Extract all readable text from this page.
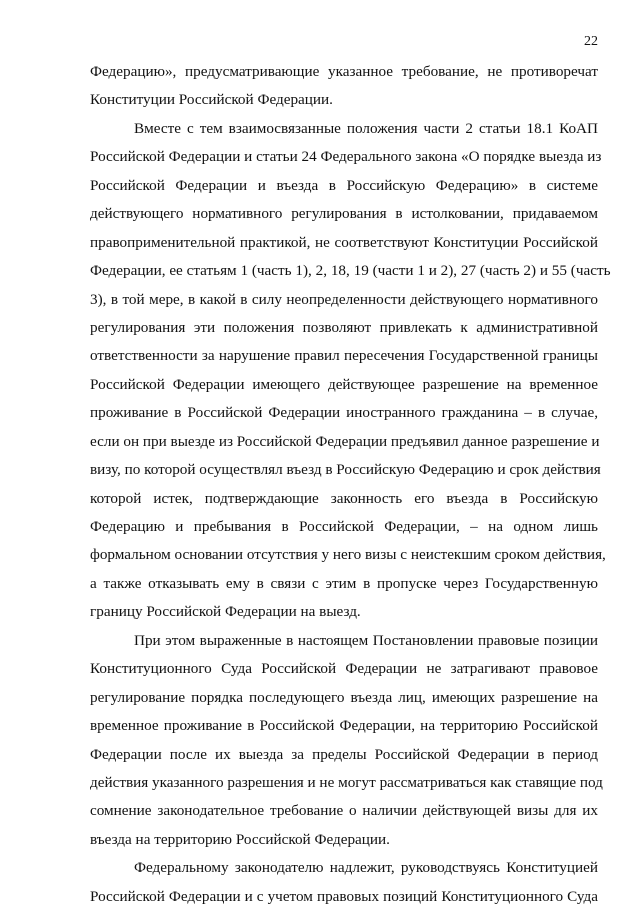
22
Федерацию», предусматривающие указанное требование, не противоречат
Конституции Российской Федерации.
Вместе с тем взаимосвязанные положения части 2 статьи 18.1 КоАП
Российской Федерации и статьи 24 Федерального закона «О порядке выезда из
Российской Федерации и въезда в Российскую Федерацию» в системе
действующего нормативного регулирования в истолковании, придаваемом
правоприменительной практикой, не соответствуют Конституции Российской
Федерации, ее статьям 1 (часть 1), 2, 18, 19 (части 1 и 2), 27 (часть 2) и 55 (часть
3), в той мере, в какой в силу неопределенности действующего нормативного
регулирования эти положения позволяют привлекать к административной
ответственности за нарушение правил пересечения Государственной границы
Российской Федерации имеющего действующее разрешение на временное
проживание в Российской Федерации иностранного гражданина – в случае,
если он при выезде из Российской Федерации предъявил данное разрешение и
визу, по которой осуществлял въезд в Российскую Федерацию и срок действия
которой истек, подтверждающие законность его въезда в Российскую
Федерацию и пребывания в Российской Федерации, – на одном лишь
формальном основании отсутствия у него визы с неистекшим сроком действия,
а также отказывать ему в связи с этим в пропуске через Государственную
границу Российской Федерации на выезд.
При этом выраженные в настоящем Постановлении правовые позиции
Конституционного Суда Российской Федерации не затрагивают правовое
регулирование порядка последующего въезда лиц, имеющих разрешение на
временное проживание в Российской Федерации, на территорию Российской
Федерации после их выезда за пределы Российской Федерации в период
действия указанного разрешения и не могут рассматриваться как ставящие под
сомнение законодательное требование о наличии действующей визы для их
въезда на территорию Российской Федерации.
Федеральному законодателю надлежит, руководствуясь Конституцией
Российской Федерации и с учетом правовых позиций Конституционного Суда
